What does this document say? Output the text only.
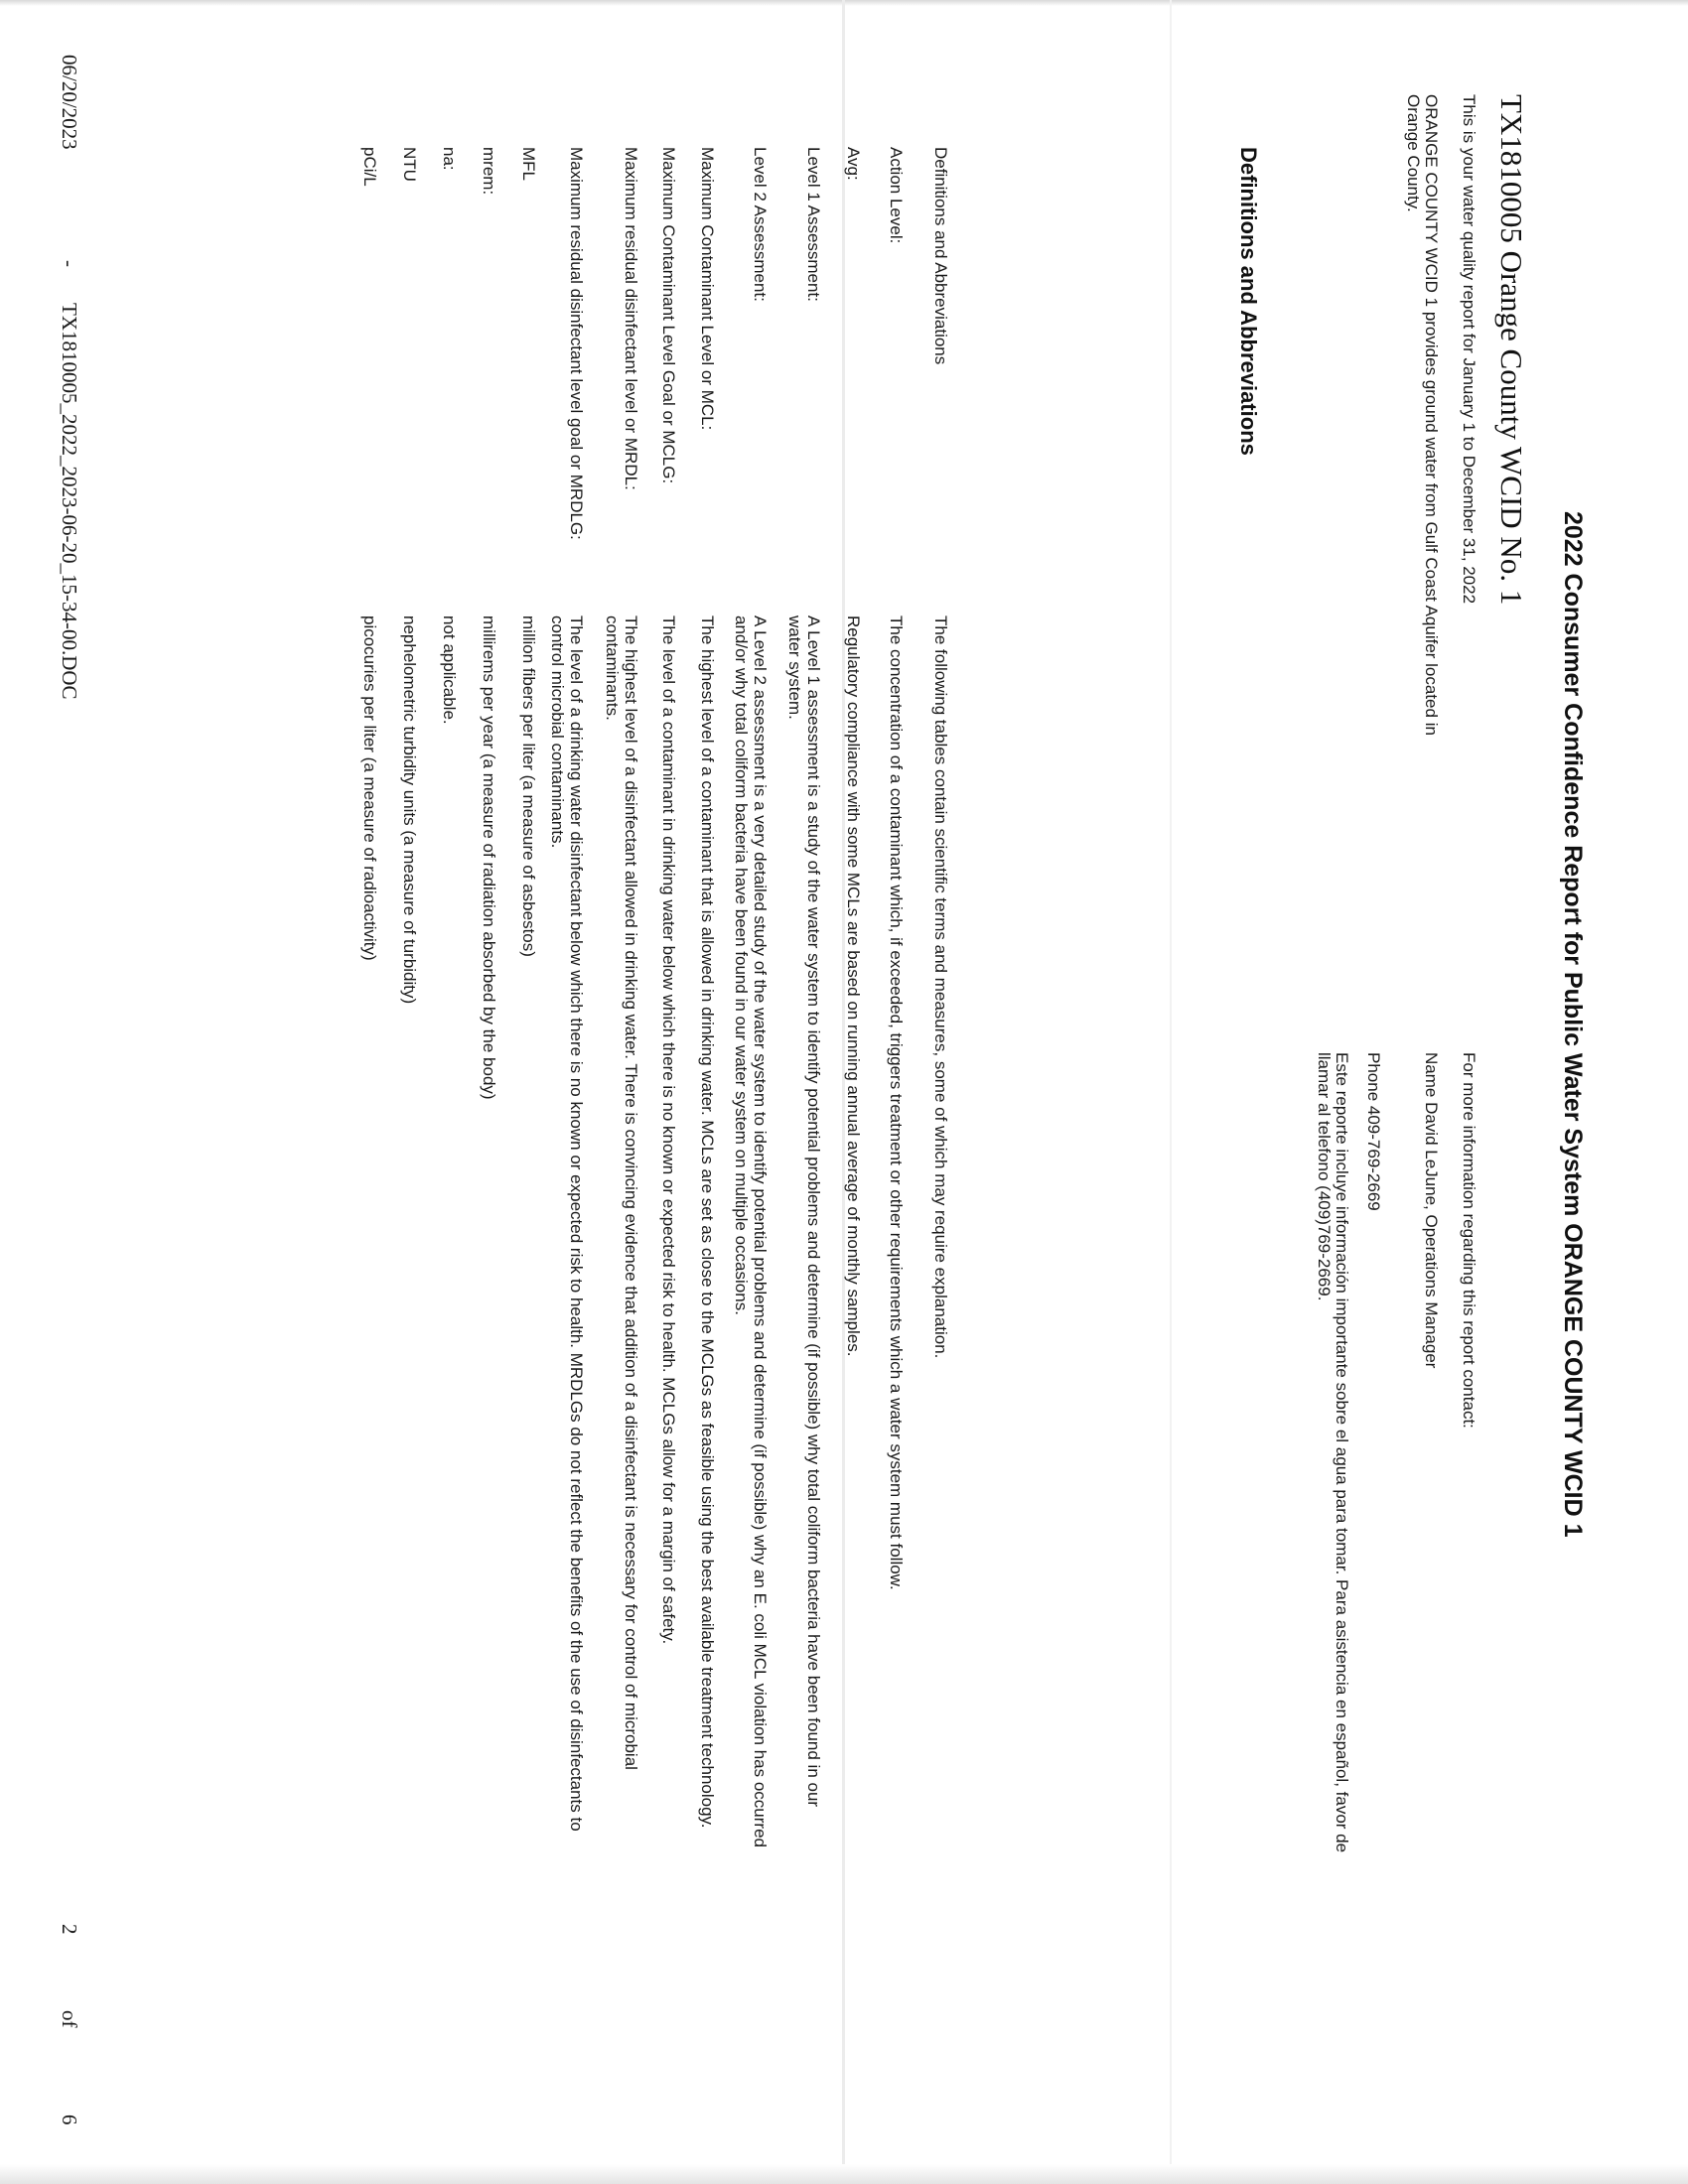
2022 Consumer Confidence Report for Public Water System ORANGE COUNTY WCID 1
TX1810005 Orange County WCID No. 1
This is your water quality report for January 1 to December 31, 2022
ORANGE COUNTY WCID 1 provides ground water from Gulf Coast Aquifer located in
Orange County.
For more information regarding this report contact:
Name David LeJune, Operations Manager
Phone 409-769-2669
Este reporte incluye información importante sobre el agua para tomar. Para asistencia en español, favor de
llamar al telefono (409)769-2669.
Definitions and Abbreviations
Definitions and Abbreviations
The following tables contain scientific terms and measures, some of which may require explanation.
Action Level:
The concentration of a contaminant which, if exceeded, triggers treatment or other requirements which a water system must follow.
Avg:
Regulatory compliance with some MCLs are based on running annual average of monthly samples.
Level 1 Assessment:
A Level 1 assessment is a study of the water system to identify potential problems and determine (if possible) why total coliform bacteria have been found in our
water system.
Level 2 Assessment:
A Level 2 assessment is a very detailed study of the water system to identify potential problems and determine (if possible) why an E. coli MCL violation has occurred
and/or why total coliform bacteria have been found in our water system on multiple occasions.
Maximum Contaminant Level or MCL:
The highest level of a contaminant that is allowed in drinking water. MCLs are set as close to the MCLGs as feasible using the best available treatment technology.
Maximum Contaminant Level Goal or MCLG:
The level of a contaminant in drinking water below which there is no known or expected risk to health. MCLGs allow for a margin of safety.
Maximum residual disinfectant level or MRDL:
The highest level of a disinfectant allowed in drinking water. There is convincing evidence that addition of a disinfectant is necessary for control of microbial
contaminants.
Maximum residual disinfectant level goal or MRDLG:
The level of a drinking water disinfectant below which there is no known or expected risk to health. MRDLGs do not reflect the benefits of the use of disinfectants to
control microbial contaminants.
MFL
million fibers per liter (a measure of asbestos)
mrem:
millirems per year (a measure of radiation absorbed by the body)
na:
not applicable.
NTU
nephelometric turbidity units (a measure of turbidity)
pCi/L
picocuries per liter (a measure of radioactivity)
06/20/2023
-
TX1810005_2022_2023-06-20_15-34-00.DOC
2
of
6
